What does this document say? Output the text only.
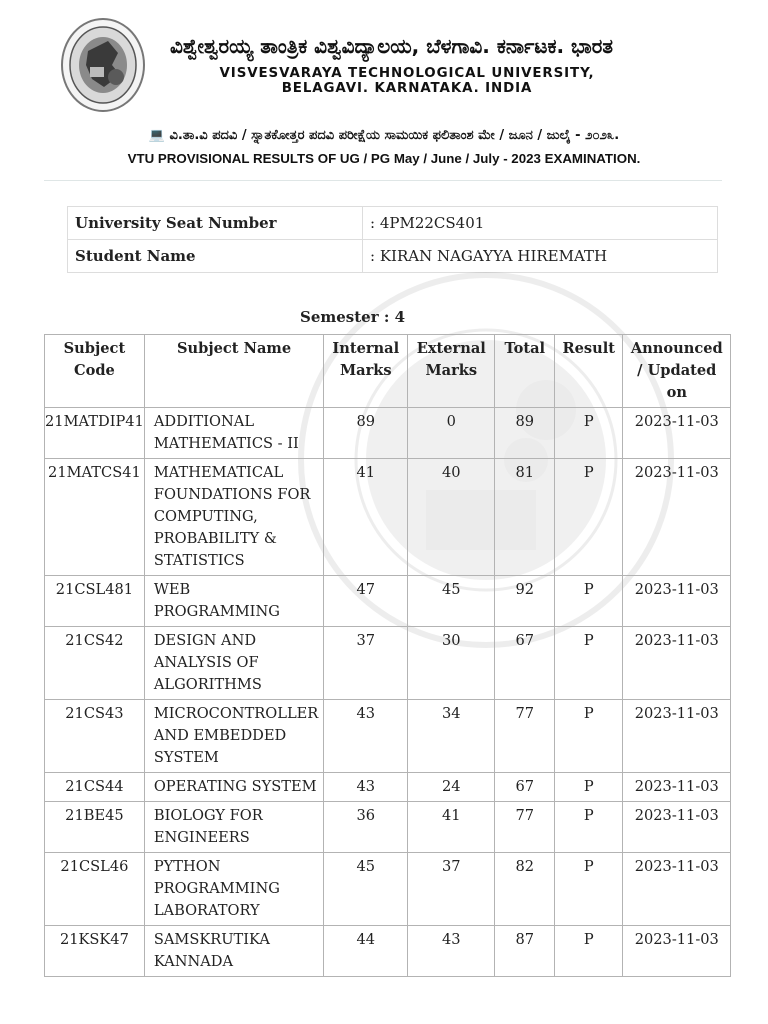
ವಿಶ್ವೇಶ್ವರಯ್ಯ ತಾಂತ್ರಿಕ ವಿಶ್ವವಿದ್ಯಾಲಯ, ಬೆಳಗಾವಿ. ಕರ್ನಾಟಕ. ಭಾರತ
VISVESVARAYA TECHNOLOGICAL UNIVERSITY,
BELAGAVI. KARNATAKA. INDIA
💻 ವಿ.ತಾ.ವಿ ಪದವಿ / ಸ್ನಾತಕೋತ್ತರ ಪದವಿ ಪರೀಕ್ಷೆಯ ಸಾಮಯಿಕ ಫಲಿತಾಂಶ ಮೇ / ಜೂನ / ಜುಲೈ - ೨೦೨೩.
VTU PROVISIONAL RESULTS OF UG / PG May / June / July - 2023 EXAMINATION.
University Seat Number	: 4PM22CS401
Student Name	: KIRAN NAGAYYA HIREMATH
Semester : 4
Subject Code	Subject Name	Internal Marks	External Marks	Total	Result	Announced / Updated on
21MATDIP41	ADDITIONAL MATHEMATICS - II	89	0	89	P	2023-11-03
21MATCS41	MATHEMATICAL FOUNDATIONS FOR COMPUTING, PROBABILITY & STATISTICS	41	40	81	P	2023-11-03
21CSL481	WEB PROGRAMMING	47	45	92	P	2023-11-03
21CS42	DESIGN AND ANALYSIS OF ALGORITHMS	37	30	67	P	2023-11-03
21CS43	MICROCONTROLLER AND EMBEDDED SYSTEM	43	34	77	P	2023-11-03
21CS44	OPERATING SYSTEM	43	24	67	P	2023-11-03
21BE45	BIOLOGY FOR ENGINEERS	36	41	77	P	2023-11-03
21CSL46	PYTHON PROGRAMMING LABORATORY	45	37	82	P	2023-11-03
21KSK47	SAMSKRUTIKA KANNADA	44	43	87	P	2023-11-03
